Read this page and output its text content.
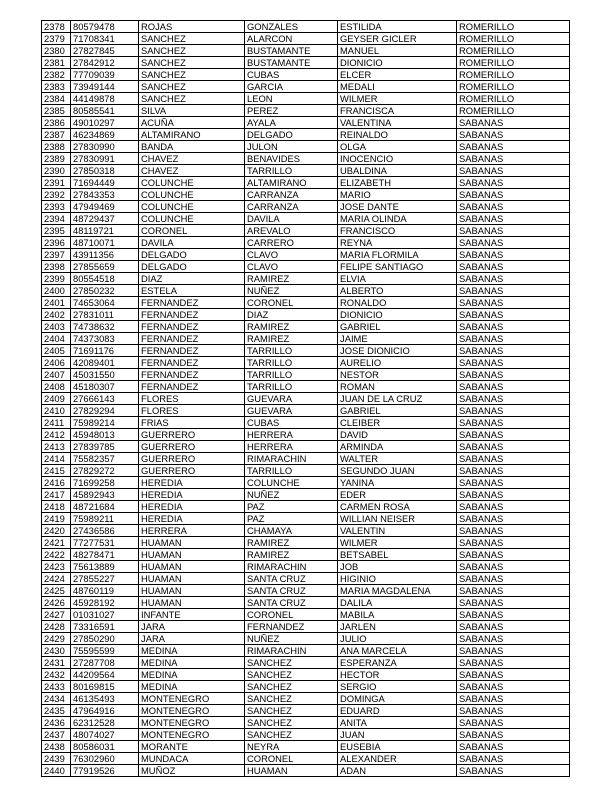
2378	80579478	ROJAS	GONZALES	ESTILIDA	ROMERILLO
2379	71708341	SANCHEZ	ALARCON	GEYSER GICLER	ROMERILLO
2380	27827845	SANCHEZ	BUSTAMANTE	MANUEL	ROMERILLO
2381	27842912	SANCHEZ	BUSTAMANTE	DIONICIO	ROMERILLO
2382	77709039	SANCHEZ	CUBAS	ELCER	ROMERILLO
2383	73949144	SANCHEZ	GARCIA	MEDALI	ROMERILLO
2384	44149878	SANCHEZ	LEON	WILMER	ROMERILLO
2385	80585541	SILVA	PEREZ	FRANCISCA	ROMERILLO
2386	49010297	ACUÑA	AYALA	VALENTINA	SABANAS
2387	46234869	ALTAMIRANO	DELGADO	REINALDO	SABANAS
2388	27830990	BANDA	JULON	OLGA	SABANAS
2389	27830991	CHAVEZ	BENAVIDES	INOCENCIO	SABANAS
2390	27850318	CHAVEZ	TARRILLO	UBALDINA	SABANAS
2391	71694449	COLUNCHE	ALTAMIRANO	ELIZABETH	SABANAS
2392	27843353	COLUNCHE	CARRANZA	MARIO	SABANAS
2393	47949469	COLUNCHE	CARRANZA	JOSE DANTE	SABANAS
2394	48729437	COLUNCHE	DAVILA	MARIA OLINDA	SABANAS
2395	48119721	CORONEL	AREVALO	FRANCISCO	SABANAS
2396	48710071	DAVILA	CARRERO	REYNA	SABANAS
2397	43911356	DELGADO	CLAVO	MARIA FLORMILA	SABANAS
2398	27855659	DELGADO	CLAVO	FELIPE SANTIAGO	SABANAS
2399	80554518	DIAZ	RAMIREZ	ELVIA	SABANAS
2400	27850232	ESTELA	NUÑEZ	ALBERTO	SABANAS
2401	74653064	FERNANDEZ	CORONEL	RONALDO	SABANAS
2402	27831011	FERNANDEZ	DIAZ	DIONICIO	SABANAS
2403	74738632	FERNANDEZ	RAMIREZ	GABRIEL	SABANAS
2404	74373083	FERNANDEZ	RAMIREZ	JAIME	SABANAS
2405	71691176	FERNANDEZ	TARRILLO	JOSE DIONICIO	SABANAS
2406	42089401	FERNANDEZ	TARRILLO	AURELIO	SABANAS
2407	45031550	FERNANDEZ	TARRILLO	NESTOR	SABANAS
2408	45180307	FERNANDEZ	TARRILLO	ROMAN	SABANAS
2409	27666143	FLORES	GUEVARA	JUAN DE LA CRUZ	SABANAS
2410	27829294	FLORES	GUEVARA	GABRIEL	SABANAS
2411	75989214	FRIAS	CUBAS	CLEIBER	SABANAS
2412	45948013	GUERRERO	HERRERA	DAVID	SABANAS
2413	27839785	GUERRERO	HERRERA	ARMINDA	SABANAS
2414	75582357	GUERRERO	RIMARACHIN	WALTER	SABANAS
2415	27829272	GUERRERO	TARRILLO	SEGUNDO JUAN	SABANAS
2416	71699258	HEREDIA	COLUNCHE	YANINA	SABANAS
2417	45892943	HEREDIA	NUÑEZ	EDER	SABANAS
2418	48721684	HEREDIA	PAZ	CARMEN ROSA	SABANAS
2419	75989211	HEREDIA	PAZ	WILLIAN NEISER	SABANAS
2420	27436586	HERRERA	CHAMAYA	VALENTIN	SABANAS
2421	77277531	HUAMAN	RAMIREZ	WILMER	SABANAS
2422	48278471	HUAMAN	RAMIREZ	BETSABEL	SABANAS
2423	75613889	HUAMAN	RIMARACHIN	JOB	SABANAS
2424	27855227	HUAMAN	SANTA CRUZ	HIGINIO	SABANAS
2425	48760119	HUAMAN	SANTA CRUZ	MARIA MAGDALENA	SABANAS
2426	45928192	HUAMAN	SANTA CRUZ	DALILA	SABANAS
2427	01031027	INFANTE	CORONEL	MABILA	SABANAS
2428	73316591	JARA	FERNANDEZ	JARLEN	SABANAS
2429	27850290	JARA	NUÑEZ	JULIO	SABANAS
2430	75595599	MEDINA	RIMARACHIN	ANA MARCELA	SABANAS
2431	27287708	MEDINA	SANCHEZ	ESPERANZA	SABANAS
2432	44209564	MEDINA	SANCHEZ	HECTOR	SABANAS
2433	80169815	MEDINA	SANCHEZ	SERGIO	SABANAS
2434	46135493	MONTENEGRO	SANCHEZ	DOMINGA	SABANAS
2435	47964916	MONTENEGRO	SANCHEZ	EDUARD	SABANAS
2436	62312528	MONTENEGRO	SANCHEZ	ANITA	SABANAS
2437	48074027	MONTENEGRO	SANCHEZ	JUAN	SABANAS
2438	80586031	MORANTE	NEYRA	EUSEBIA	SABANAS
2439	76302960	MUNDACA	CORONEL	ALEXANDER	SABANAS
2440	77919526	MUÑOZ	HUAMAN	ADAN	SABANAS
